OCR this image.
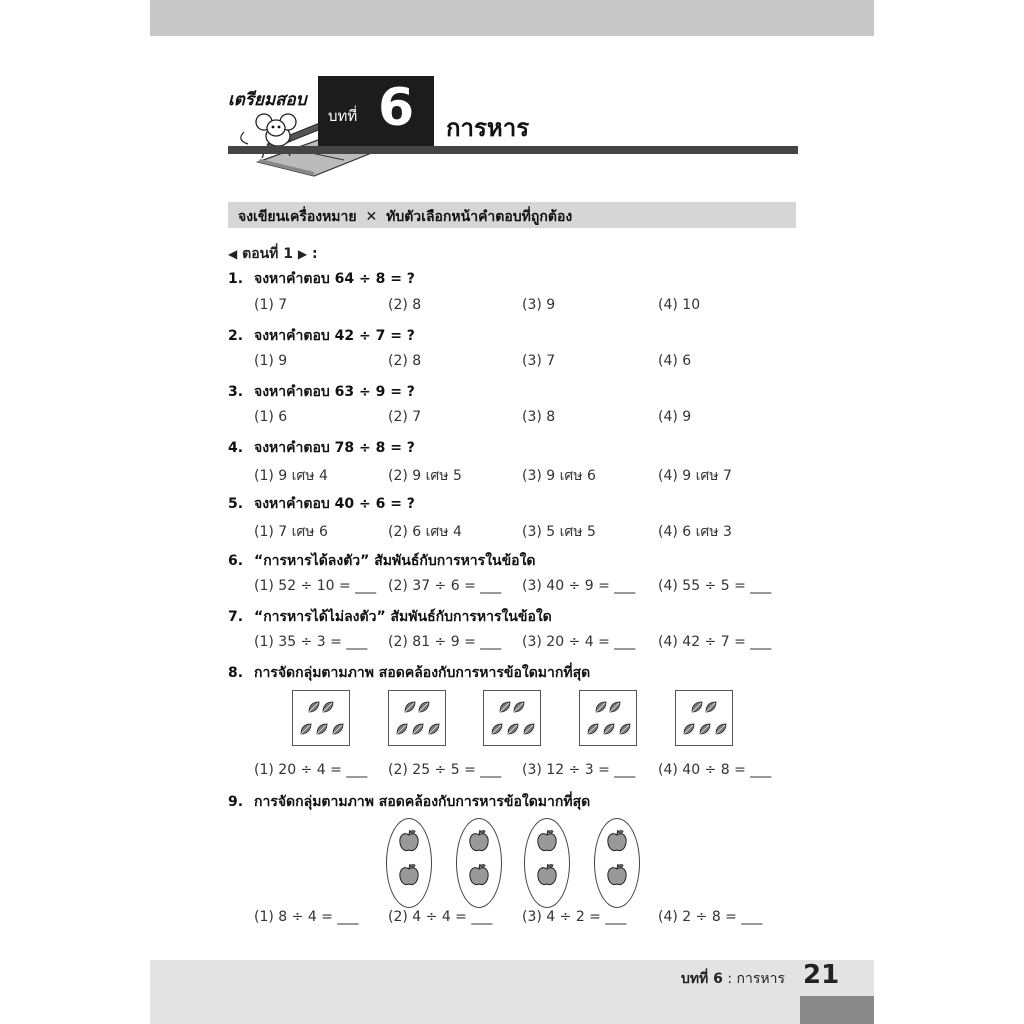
เตรียมสอบ
บทที่ 6 การหาร
จงเขียนเครื่องหมาย ✕ ทับตัวเลือกหน้าคำตอบที่ถูกต้อง
◀ ตอนที่ 1 ▶ :
1. จงหาคำตอบ 64 ÷ 8 = ?
(1) 7	(2) 8	(3) 9	(4) 10
2. จงหาคำตอบ 42 ÷ 7 = ?
(1) 9	(2) 8	(3) 7	(4) 6
3. จงหาคำตอบ 63 ÷ 9 = ?
(1) 6	(2) 7	(3) 8	(4) 9
4. จงหาคำตอบ 78 ÷ 8 = ?
(1) 9 เศษ 4	(2) 9 เศษ 5	(3) 9 เศษ 6	(4) 9 เศษ 7
5. จงหาคำตอบ 40 ÷ 6 = ?
(1) 7 เศษ 6	(2) 6 เศษ 4	(3) 5 เศษ 5	(4) 6 เศษ 3
6. “การหารได้ลงตัว” สัมพันธ์กับการหารในข้อใด
(1) 52 ÷ 10 = ___ (2) 37 ÷ 6 = ___ (3) 40 ÷ 9 = ___ (4) 55 ÷ 5 = ___
7. “การหารได้ไม่ลงตัว” สัมพันธ์กับการหารในข้อใด
(1) 35 ÷ 3 = ___ (2) 81 ÷ 9 = ___ (3) 20 ÷ 4 = ___ (4) 42 ÷ 7 = ___
8. การจัดกลุ่มตามภาพ สอดคล้องกับการหารข้อใดมากที่สุด
(1) 20 ÷ 4 = ___ (2) 25 ÷ 5 = ___ (3) 12 ÷ 3 = ___ (4) 40 ÷ 8 = ___
9. การจัดกลุ่มตามภาพ สอดคล้องกับการหารข้อใดมากที่สุด
(1) 8 ÷ 4 = ___ (2) 4 ÷ 4 = ___ (3) 4 ÷ 2 = ___ (4) 2 ÷ 8 = ___
บทที่ 6 : การหาร 21
